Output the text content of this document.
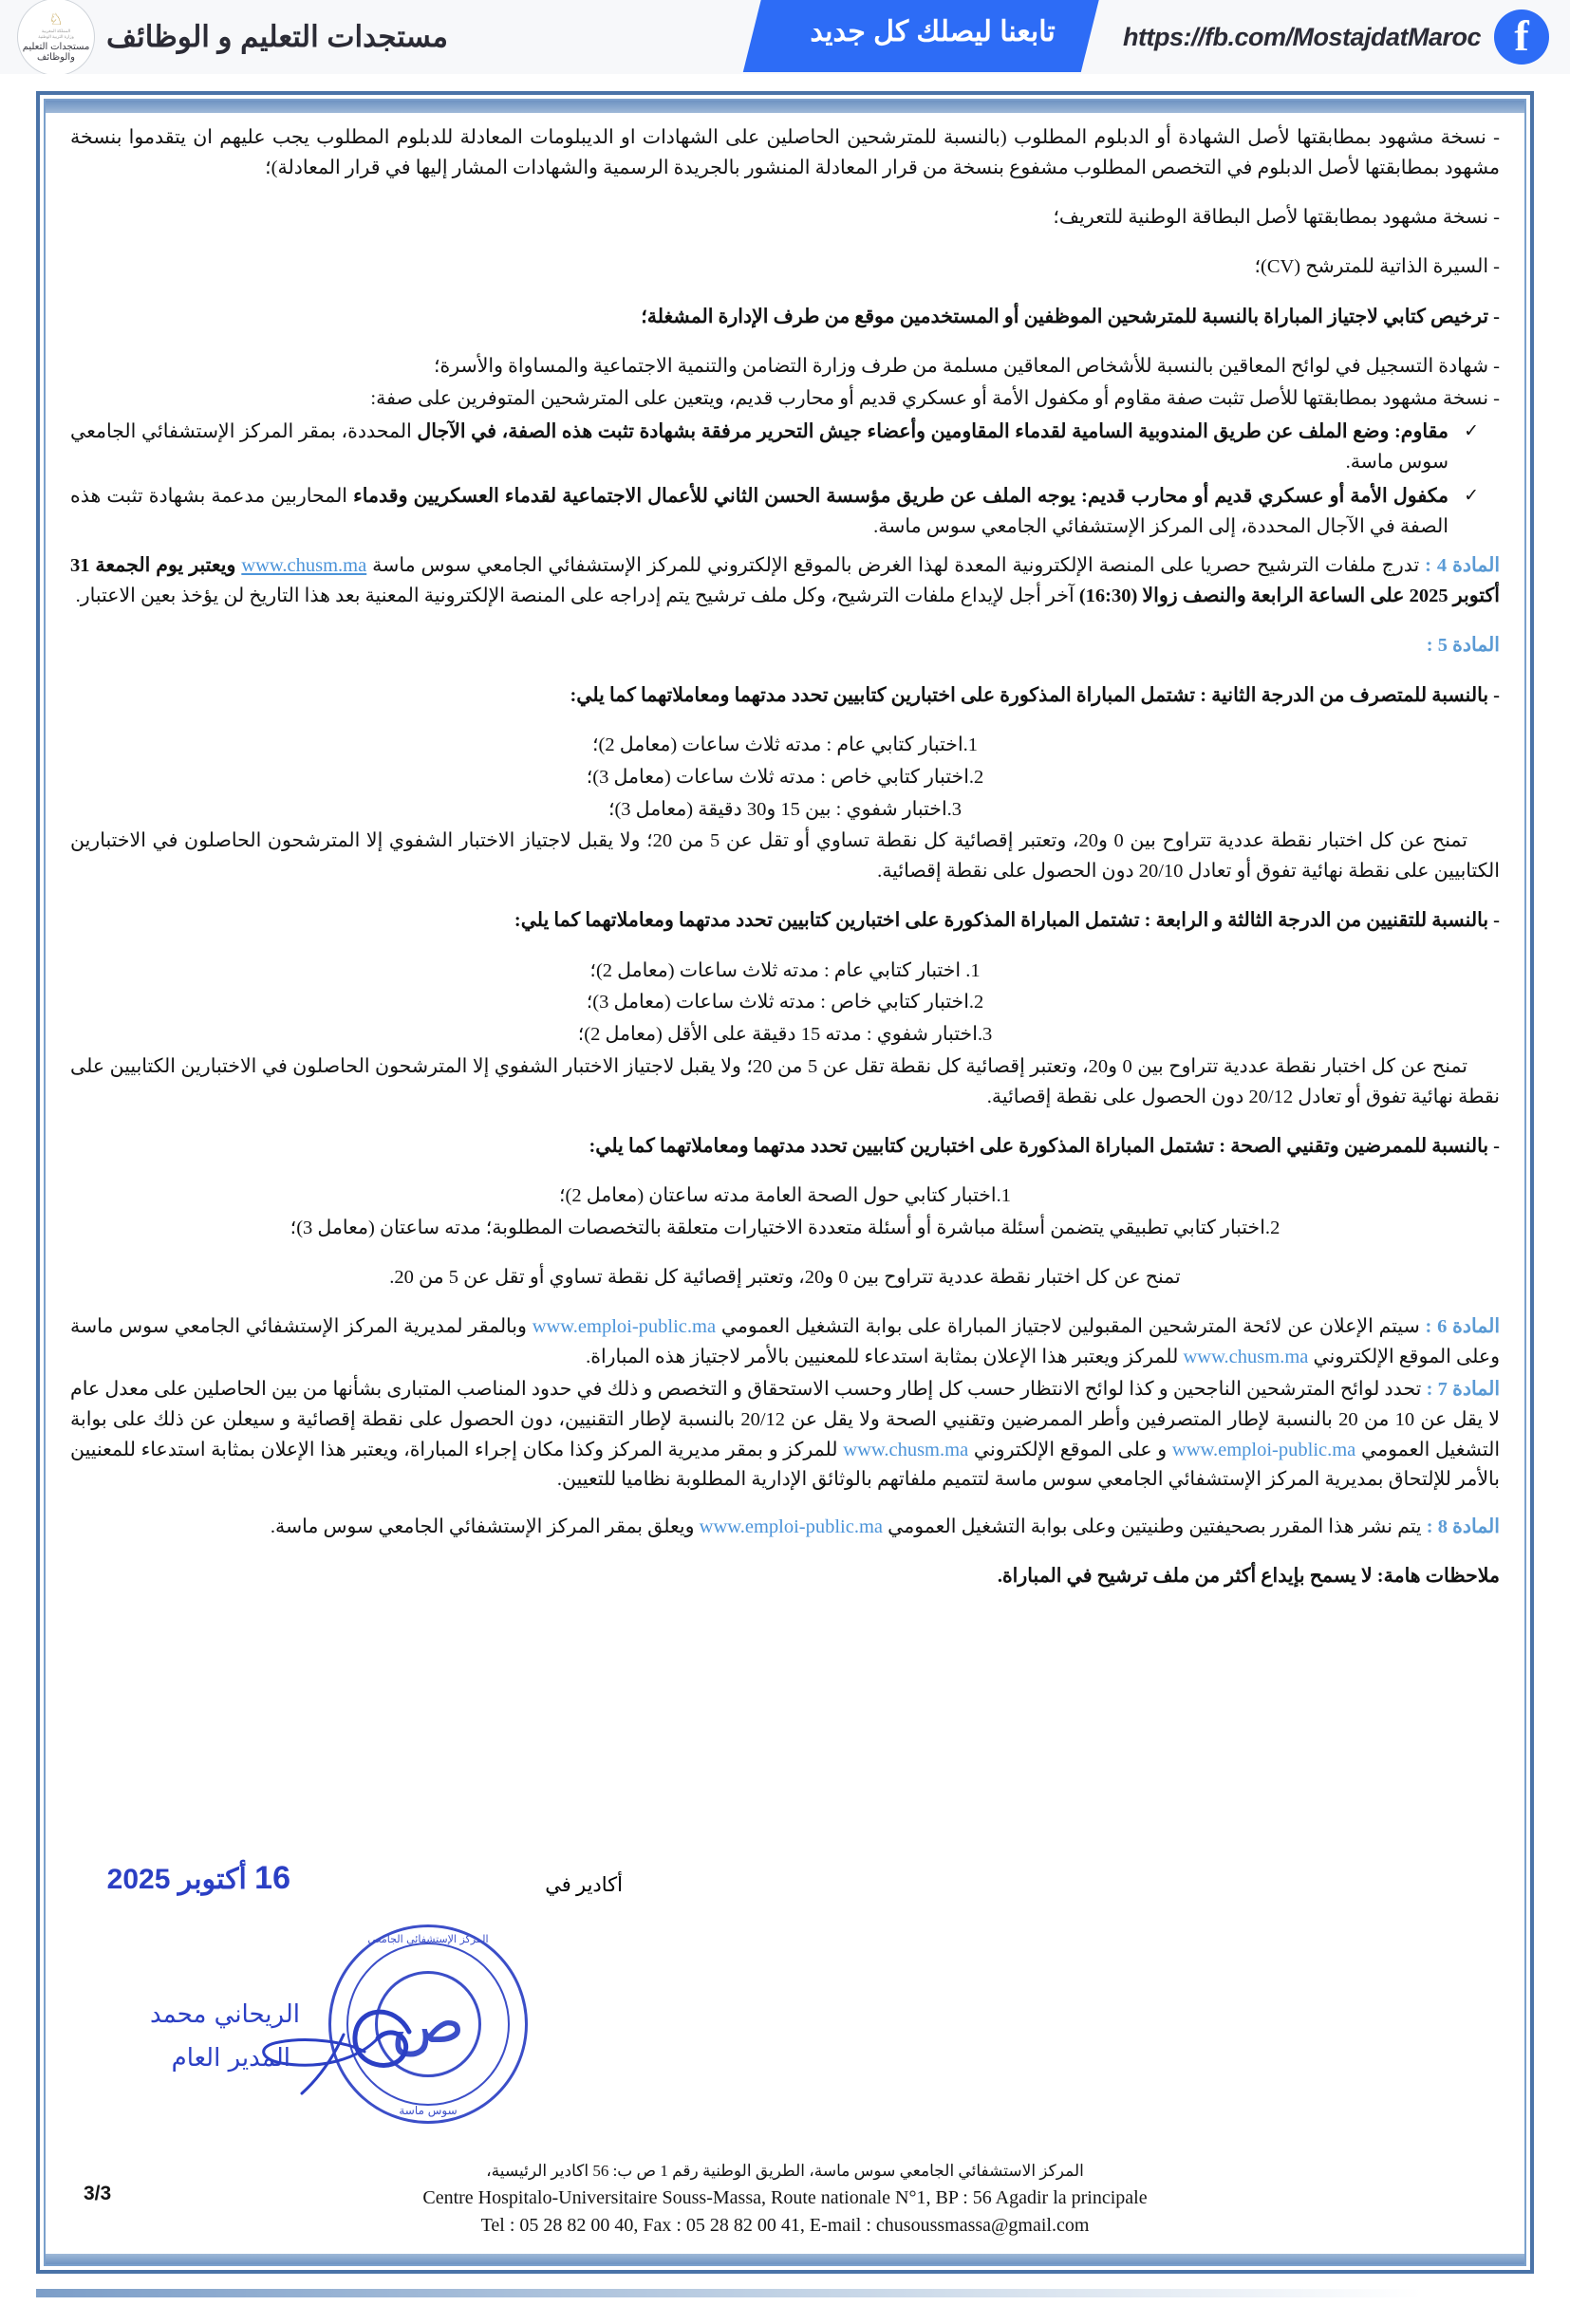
f
https://fb.com/MostajdatMaroc
تابعنا ليصلك كل جديد
مستجدات التعليم و الوظائف
♘
المملكة المغربية
وزارة التربية الوطنية
مستجدات التعليم
والوظائف

- نسخة مشهود بمطابقتها لأصل الشهادة أو الدبلوم المطلوب (بالنسبة للمترشحين الحاصلين على الشهادات او الديبلومات المعادلة للدبلوم المطلوب يجب عليهم ان يتقدموا بنسخة مشهود بمطابقتها لأصل الدبلوم في التخصص المطلوب مشفوع بنسخة من قرار المعادلة المنشور بالجريدة الرسمية والشهادات المشار إليها في قرار المعادلة)؛

- نسخة مشهود بمطابقتها لأصل البطاقة الوطنية للتعريف؛

- السيرة الذاتية للمترشح (CV)؛

- ترخيص كتابي لاجتياز المباراة بالنسبة للمترشحين الموظفين أو المستخدمين موقع من طرف الإدارة المشغلة؛

- شهادة التسجيل في لوائح المعاقين بالنسبة للأشخاص المعاقين مسلمة من طرف وزارة التضامن والتنمية الاجتماعية والمساواة والأسرة؛

- نسخة مشهود بمطابقتها للأصل تثبت صفة مقاوم أو مكفول الأمة أو عسكري قديم أو محارب قديم، ويتعين على المترشحين المتوفرين على صفة:

✓
مقاوم: وضع الملف عن طريق المندوبية السامية لقدماء المقاومين وأعضاء جيش التحرير مرفقة بشهادة تثبت هذه الصفة، في الآجال المحددة، بمقر المركز الإستشفائي الجامعي سوس ماسة.
✓
مكفول الأمة أو عسكري قديم أو محارب قديم: يوجه الملف عن طريق مؤسسة الحسن الثاني للأعمال الاجتماعية لقدماء العسكريين وقدماء المحاربين مدعمة بشهادة تثبت هذه الصفة في الآجال المحددة، إلى المركز الإستشفائي الجامعي سوس ماسة.

المادة 4 : تدرج ملفات الترشيح حصريا على المنصة الإلكترونية المعدة لهذا الغرض بالموقع الإلكتروني للمركز الإستشفائي الجامعي سوس ماسة www.chusm.ma ويعتبر يوم الجمعة 31 أكتوبر 2025 على الساعة الرابعة والنصف زوالا (16:30) آخر أجل لإيداع ملفات الترشيح، وكل ملف ترشيح يتم إدراجه على المنصة الإلكترونية المعنية بعد هذا التاريخ لن يؤخذ بعين الاعتبار.

المادة 5 :

- بالنسبة للمتصرف من الدرجة الثانية : تشتمل المباراة المذكورة على اختبارين كتابيين تحدد مدتهما ومعاملاتهما كما يلي:

1.اختبار كتابي عام : مدته ثلاث ساعات (معامل 2)؛
2.اختبار كتابي خاص : مدته ثلاث ساعات (معامل 3)؛
3.اختبار شفوي : بين 15 و30 دقيقة (معامل 3)؛

تمنح عن كل اختبار نقطة عددية تتراوح بين 0 و20، وتعتبر إقصائية كل نقطة تساوي أو تقل عن 5 من 20؛ ولا يقبل لاجتياز الاختبار الشفوي إلا المترشحون الحاصلون في الاختبارين الكتابيين على نقطة نهائية تفوق أو تعادل 20/10 دون الحصول على نقطة إقصائية.

- بالنسبة للتقنيين من الدرجة الثالثة و الرابعة : تشتمل المباراة المذكورة على اختبارين كتابيين تحدد مدتهما ومعاملاتهما كما يلي:

1. اختبار كتابي عام : مدته ثلاث ساعات (معامل 2)؛
2.اختبار كتابي خاص : مدته ثلاث ساعات (معامل 3)؛
3.اختبار شفوي : مدته 15 دقيقة على الأقل (معامل 2)؛

تمنح عن كل اختبار نقطة عددية تتراوح بين 0 و20، وتعتبر إقصائية كل نقطة تقل عن 5 من 20؛ ولا يقبل لاجتياز الاختبار الشفوي إلا المترشحون الحاصلون في الاختبارين الكتابيين على نقطة نهائية تفوق أو تعادل 20/12 دون الحصول على نقطة إقصائية.

- بالنسبة للممرضين وتقنيي الصحة : تشتمل المباراة المذكورة على اختبارين كتابيين تحدد مدتهما ومعاملاتهما كما يلي:

1.اختبار كتابي حول الصحة العامة مدته ساعتان (معامل 2)؛
2.اختبار كتابي تطبيقي يتضمن أسئلة مباشرة أو أسئلة متعددة الاختيارات متعلقة بالتخصصات المطلوبة؛ مدته ساعتان (معامل 3)؛

تمنح عن كل اختبار نقطة عددية تتراوح بين 0 و20، وتعتبر إقصائية كل نقطة تساوي أو تقل عن 5 من 20.

المادة 6 : سيتم الإعلان عن لائحة المترشحين المقبولين لاجتياز المباراة على بوابة التشغيل العمومي www.emploi-public.ma وبالمقر لمديرية المركز الإستشفائي الجامعي سوس ماسة وعلى الموقع الإلكتروني www.chusm.ma للمركز ويعتبر هذا الإعلان بمثابة استدعاء للمعنيين بالأمر لاجتياز هذه المباراة.

المادة 7 : تحدد لوائح المترشحين الناجحين و كذا لوائح الانتظار حسب كل إطار وحسب الاستحقاق و التخصص و ذلك في حدود المناصب المتبارى بشأنها من بين الحاصلين على معدل عام لا يقل عن 10 من 20 بالنسبة لإطار المتصرفين وأطر الممرضين وتقنيي الصحة ولا يقل عن 20/12 بالنسبة لإطار التقنيين، دون الحصول على نقطة إقصائية و سيعلن عن ذلك على بوابة التشغيل العمومي www.emploi-public.ma و على الموقع الإلكتروني www.chusm.ma للمركز و بمقر مديرية المركز وكذا مكان إجراء المباراة، ويعتبر هذا الإعلان بمثابة استدعاء للمعنيين بالأمر للإلتحاق بمديرية المركز الإستشفائي الجامعي سوس ماسة لتتميم ملفاتهم بالوثائق الإدارية المطلوبة نظاميا للتعيين.

المادة 8 : يتم نشر هذا المقرر بصحيفتين وطنيتين وعلى بوابة التشغيل العمومي www.emploi-public.ma ويعلق بمقر المركز الإستشفائي الجامعي سوس ماسة.

ملاحظات هامة: لا يسمح بإيداع أكثر من ملف ترشيح في المباراة.

أكادير في
16 أكتوبر 2025
المركز الإستشفائي الجامعي
ص
سوس ماسة
الريحاني محمد
المدير العام
3/3
المركز الاستشفائي الجامعي سوس ماسة، الطريق الوطنية رقم 1 ص ب: 56 اكادير الرئيسية،
Centre Hospitalo-Universitaire Souss-Massa, Route nationale N°1, BP : 56 Agadir la principale
Tel : 05 28 82 00 40, Fax : 05 28 82 00 41, E-mail : chusoussmassa@gmail.com
